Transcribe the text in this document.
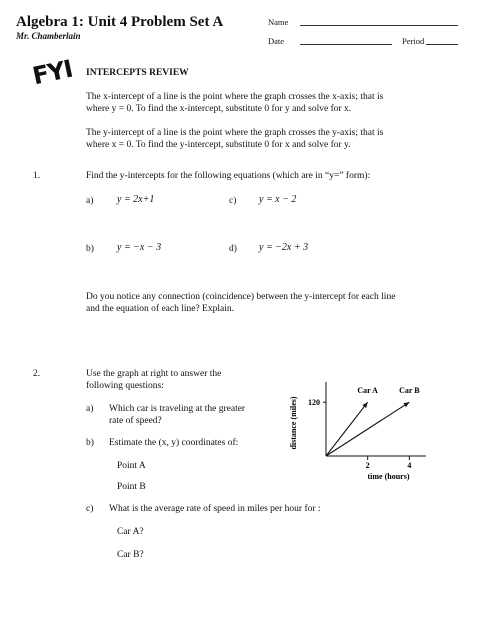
Algebra 1: Unit 4 Problem Set A
Mr. Chamberlain
Name
Date	Period
FYI INTERCEPTS REVIEW
The x-intercept of a line is the point where the graph crosses the x-axis; that is
where y = 0. To find the x-intercept, substitute 0 for y and solve for x.
The y-intercept of a line is the point where the graph crosses the y-axis; that is
where x = 0. To find the y-intercept, substitute 0 for x and solve for y.
1.	Find the y-intercepts for the following equations (which are in “y=” form):
a) y = 2x+1	c) y = x − 2
b) y = −x − 3	d) y = −2x + 3
Do you notice any connection (coincidence) between the y-intercept for each line
and the equation of each line? Explain.
2.	Use the graph at right to answer the
following questions:
a) Which car is traveling at the greater
rate of speed?
b) Estimate the (x, y) coordinates of:
Point A
Point B
c) What is the average rate of speed in miles per hour for :
Car A?
Car B?
2	4
120
Car A	Car B
distance (miles)
time (hours)
